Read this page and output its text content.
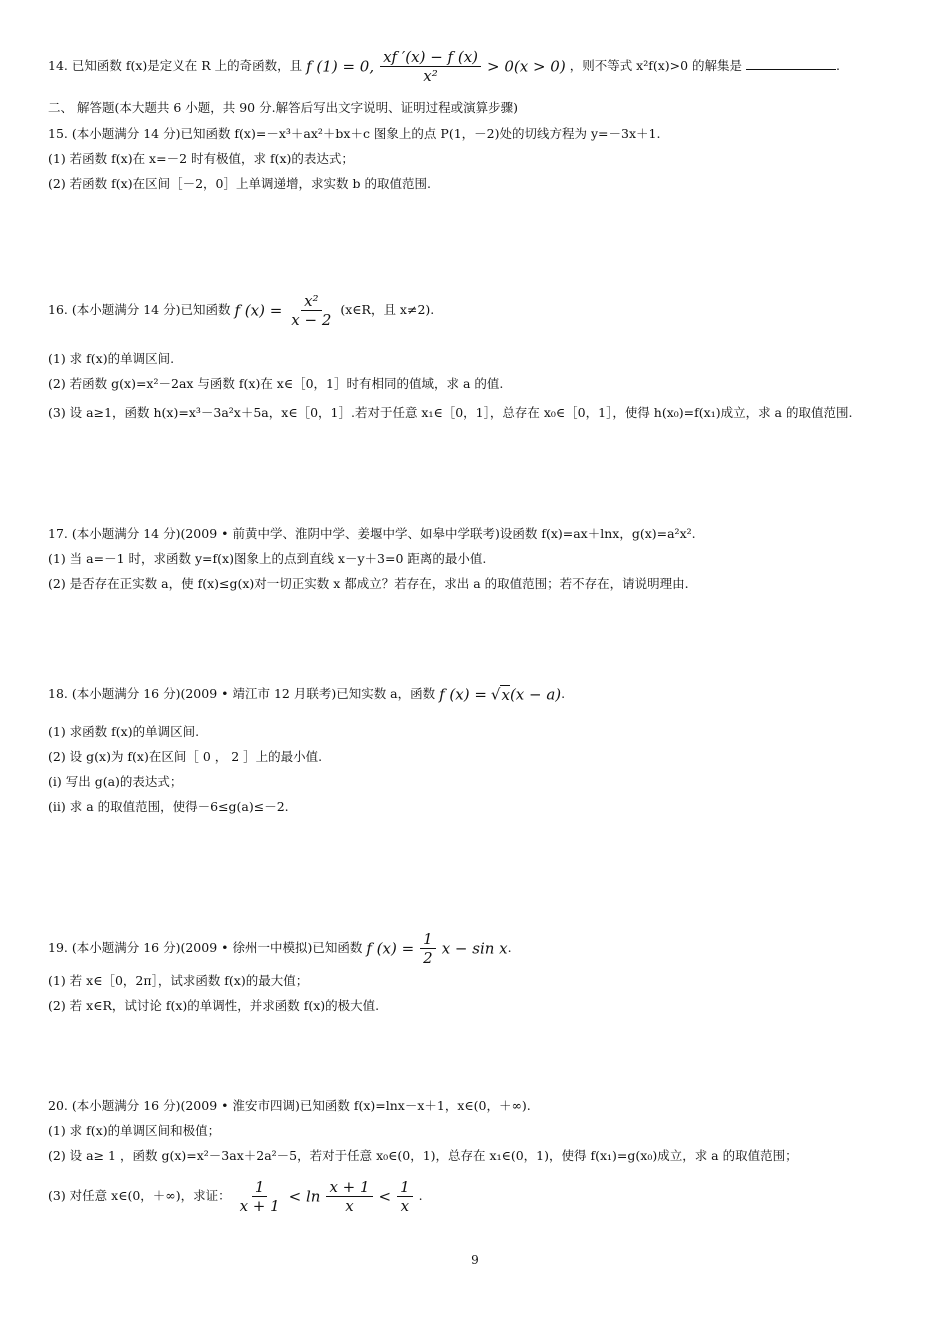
14. 已知函数 f(x)是定义在 R 上的奇函数，且 f (1) = 0, $\frac{xf '(x) - f (x)}{\text{x²}} > 0(x > 0)$ ，则不等式 x²f(x)>0 的解集是	.
二、 解答题(本大题共 6 小题，共 90 分.解答后写出文字说明、证明过程或演算步骤)
15. (本小题满分 14 分)已知函数 f(x)=－x³＋ax²＋bx＋c 图象上的点 P(1，－2)处的切线方程为 y=－3x＋1.
(1) 若函数 f(x)在 x=－2 时有极值，求 f(x)的表达式；
(2) 若函数 f(x)在区间［－2，0］上单调递增，求实数 b 的取值范围.
16. (本小题满分 14 分)已知函数 f $(x) = \frac{\text{x²}}{x - 2}$ (x∈R，且 x≠2).
(1) 求 f(x)的单调区间.
(2) 若函数 g(x)=x²－2ax 与函数 f(x)在 x∈［0，1］时有相同的值域，求 a 的值.
(3) 设 a≥1，函数 h(x)=x³－3a²x＋5a，x∈［0，1］.若对于任意 x₁∈［0，1］，总存在 x₀∈［0，1］，使得 h(x₀)=f(x₁)成立，求 a 的取值范围.
17. (本小题满分 14 分)(2009 • 前黄中学、淮阴中学、姜堰中学、如皋中学联考)设函数 f(x)=ax＋lnx，g(x)=a²x².
(1) 当 a=－1 时，求函数 y=f(x)图象上的点到直线 x－y＋3=0 距离的最小值.
(2) 是否存在正实数 a，使 f(x)≤g(x)对一切正实数 x 都成立？若存在，求出 a 的取值范围；若不存在，请说明理由.
18. (本小题满分 16 分)(2009 • 靖江市 12 月联考)已知实数 a，函数 f (x) = √x(x − a).
(1) 求函数 f(x)的单调区间.
(2) 设 g(x)为 f(x)在区间［ 0 ， 2 ］上的最小值.
(ⅰ) 写出 g(a)的表达式；
(ⅱ) 求 a 的取值范围，使得－6≤g(a)≤－2.
19. (本小题满分 16 分)(2009 • 徐州一中模拟)已知函数 f $(x) = \frac{1}{2}$ x − sin x.
(1) 若 x∈［0，2π］，试求函数 f(x)的最大值；
(2) 若 x∈R，试讨论 f(x)的单调性，并求函数 f(x)的极大值.
20. (本小题满分 16 分)(2009 • 淮安市四调)已知函数 f(x)=lnx－x＋1，x∈(0，＋∞).
(1) 求 f(x)的单调区间和极值；
(2) 设 a≥ 1 ，函数 g(x)=x²－3ax＋2a²－5，若对于任意 x₀∈(0，1)，总存在 x₁∈(0，1)，使得 f(x₁)=g(x₀)成立，求 a 的取值范围；
(3) 对任意 x∈(0，＋∞)，求证： $\frac{1}{x + 1} < \ln \frac{x + 1}{x} < \frac{1}{x}$ .
9
